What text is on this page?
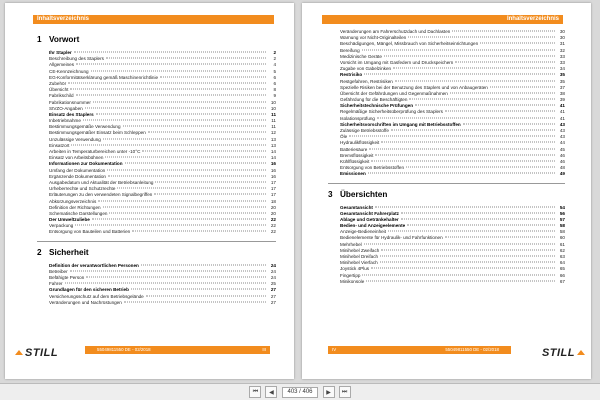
Inhaltsverzeichnis
1 Vorwort
Ihr Stapler	2
Beschreibung des Staplers	2
Allgemeines	4
CE-Kennzeichnung	5
EG-Konformitätserklärung gemäß Maschinenrichtlinie	6
Zubehör	6
Übersicht	8
Fabrikschild	9
Fabrikationsnummer	10
StVZO-Angaben	10
Einsatz des Staplers	11
Inbetriebnahme	11
Bestimmungsgemäße Verwendung	11
Bestimmungsgemäßer Einsatz beim Schleppen	12
Unzulässige Verwendung	13
Einsatzort	13
Arbeiten in Temperaturbereichen unter -10°C	14
Einsatz von Arbeitsbühnen	14
Informationen zur Dokumentation	16
Umfang der Dokumentation	16
Ergänzende Dokumentation	16
Ausgabedatum und Aktualität der Betriebsanleitung	17
Urheberrechte und Schutzrechte	17
Erläuterungen zu den verwendeten Signalbegriffen	17
Abkürzungsverzeichnis	18
Definition der Richtungen	20
Schematische Darstellungen	20
Der Umweltzuliebe	22
Verpackung	22
Entsorgung von Bauteilen und Batterien	22
2 Sicherheit
Definition der verantwortlichen Personen	24
Betreiber	24
Befähigte Person	24
Fahrer	25
Grundlagen für den sicheren Betrieb	27
Versicherungsschutz auf dem Betriebsgelände	27
Veränderungen und Nachrüstungen	27
55049811550 DE - 02/2018	III
STILL
Inhaltsverzeichnis
Veränderungen am Fahrerschutzdach und Dachlasten	30
Warnung vor Nicht-Originalteilen	30
Beschädigungen, Mängel, Missbrauch von Sicherheitseinrichtungen	31
Bereifung	32
Medizinische Geräte	33
Vorsicht im Umgang mit Gasfedern und Druckspeichern	33
Zugabe von Gabelzinken	34
Restrisiko	35
Restgefahren, Restrisiken	35
Spezielle Risiken bei der Benutzung des Staplers und von Anbaugeräten	37
Übersicht der Gefährdungen und Gegenmaßnahmen	38
Gefährdung für die Beschäftigten	39
Sicherheitstechnische Prüfungen	41
Regelmäßige Sicherheitsüberprüfung des Staplers	41
Isolationsprüfung	41
Sicherheitsvorschriften im Umgang mit Betriebsstoffen	43
Zulässige Betriebsstoffe	43
Öle	43
Hydraulikflüssigkeit	44
Batteriesäure	45
Bremsflüssigkeit	46
Kühlflüssigkeit	46
Entsorgung von Betriebsstoffen	48
Emissionen	49
3 Übersichten
Gesamtansicht	54
Gesamtansicht Fahrerplatz	56
Ablage und Getränkehalter	57
Bedien- und Anzeigeelemente	58
Anzeige-Bedieneinheit	58
Bedienelemente für Hydraulik- und Fahrfunktionen	60
Mehrhebel	61
Minihebel Zweifach	62
Minihebel Dreifach	63
Minihebel Vierfach	64
Joystick 4Plus	65
Fingertipp	66
Minikonsole	67
IV	55049811550 DE - 02/2018	STILL
⏮	◀	403 / 406	▶	⏭
